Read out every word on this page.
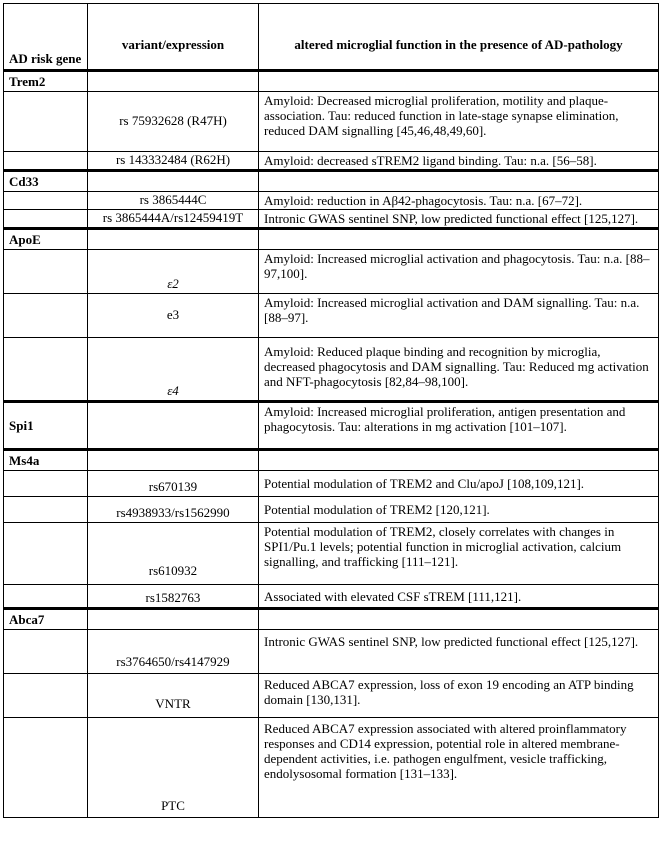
AD risk gene	variant/expression	altered microglial function in the presence of AD-pathology
Trem2		
	rs 75932628 (R47H)	Amyloid: Decreased microglial proliferation, motility and plaque-association. Tau: reduced function in late-stage synapse elimination, reduced DAM signalling [45,46,48,49,60].
	rs 143332484 (R62H)	Amyloid: decreased sTREM2 ligand binding. Tau: n.a. [56–58].
Cd33		
	rs 3865444C	Amyloid: reduction in Aβ42-phagocytosis. Tau: n.a. [67–72].
	rs 3865444A/rs12459419T	Intronic GWAS sentinel SNP, low predicted functional effect [125,127].
ApoE		
	ε2	Amyloid: Increased microglial activation and phagocytosis. Tau: n.a. [88–97,100].
	e3	Amyloid: Increased microglial activation and DAM signalling. Tau: n.a. [88–97].
	ε4	Amyloid: Reduced plaque binding and recognition by microglia, decreased phagocytosis and DAM signalling. Tau: Reduced mg activation and NFT-phagocytosis [82,84–98,100].
Spi1		Amyloid: Increased microglial proliferation, antigen presentation and phagocytosis. Tau: alterations in mg activation [101–107].
Ms4a		
	rs670139	Potential modulation of TREM2 and Clu/apoJ [108,109,121].
	rs4938933/rs1562990	Potential modulation of TREM2 [120,121].
	rs610932	Potential modulation of TREM2, closely correlates with changes in SPI1/Pu.1 levels; potential function in microglial activation, calcium signalling, and trafficking [111–121].
	rs1582763	Associated with elevated CSF sTREM [111,121].
Abca7		
	rs3764650/rs4147929	Intronic GWAS sentinel SNP, low predicted functional effect [125,127].
	VNTR	Reduced ABCA7 expression, loss of exon 19 encoding an ATP binding domain [130,131].
	PTC	Reduced ABCA7 expression associated with altered proinflammatory responses and CD14 expression, potential role in altered membrane-dependent activities, i.e. pathogen engulfment, vesicle trafficking, endolysosomal formation [131–133].
